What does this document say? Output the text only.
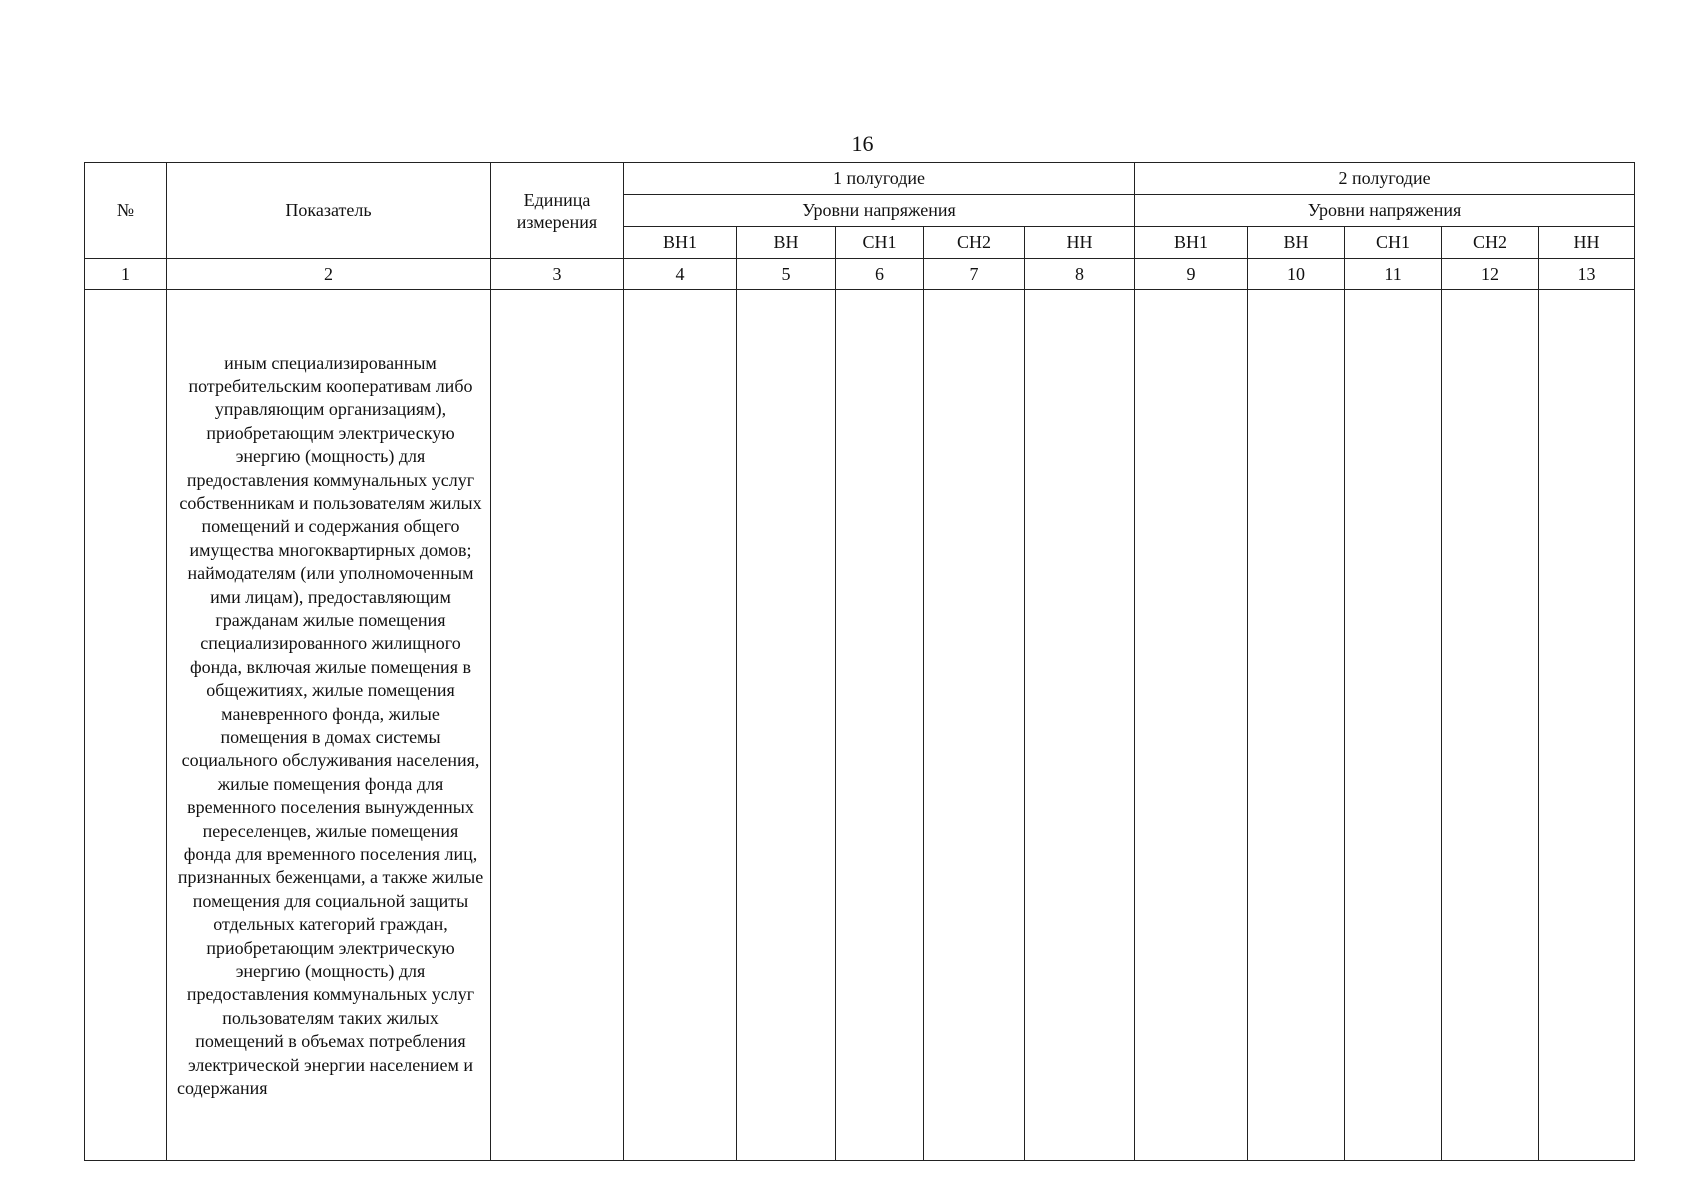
16
№	Показатель	Единица измерения	1 полугодие					2 полугодие				
			Уровни напряжения					Уровни напряжения				
			ВН1	ВН	СН1	СН2	НН	ВН1	ВН	СН1	СН2	НН
1	2	3	4	5	6	7	8	9	10	11	12	13
	иным специализированным потребительским кооперативам либо управляющим организациям), приобретающим электрическую энергию (мощность) для предоставления коммунальных услуг собственникам и пользователям жилых помещений и содержания общего имущества многоквартирных домов; наймодателям (или уполномоченным ими лицам), предоставляющим гражданам жилые помещения специализированного жилищного фонда, включая жилые помещения в общежитиях, жилые помещения маневренного фонда, жилые помещения в домах системы социального обслуживания населения, жилые помещения фонда для временного поселения вынужденных переселенцев, жилые помещения фонда для временного поселения лиц, признанных беженцами, а также жилые помещения для социальной защиты отдельных категорий граждан, приобретающим электрическую энергию (мощность) для предоставления коммунальных услуг пользователям таких жилых помещений в объемах потребления электрической энергии населением и содержания											
